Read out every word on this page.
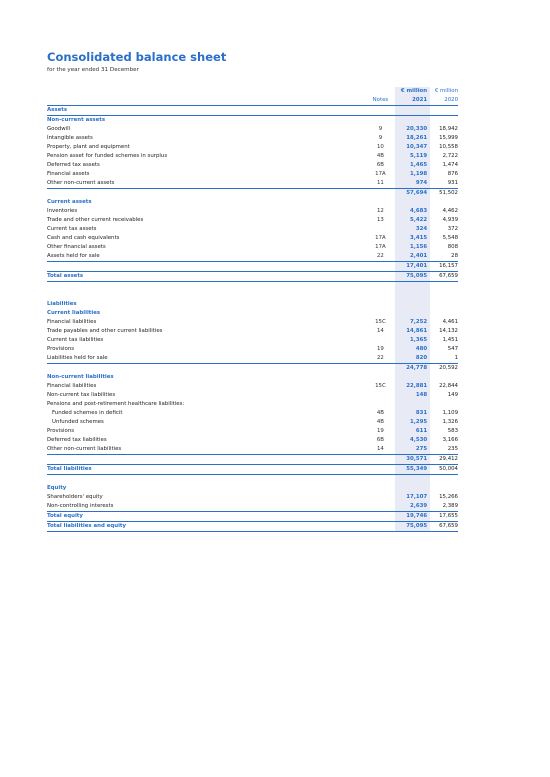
Consolidated balance sheet
for the year ended 31 December
		€ million	€ million
	Notes	2021	2020
Assets			
Non-current assets			
Goodwill	9	20,330	18,942
Intangible assets	9	18,261	15,999
Property, plant and equipment	10	10,347	10,558
Pension asset for funded schemes in surplus	4B	5,119	2,722
Deferred tax assets	6B	1,465	1,474
Financial assets	17A	1,198	876
Other non-current assets	11	974	931
		57,694	51,502
Current assets			
Inventories	12	4,683	4,462
Trade and other current receivables	13	5,422	4,939
Current tax assets		324	372
Cash and cash equivalents	17A	3,415	5,548
Other financial assets	17A	1,156	808
Assets held for sale	22	2,401	28
		17,401	16,157
Total assets		75,095	67,659

Liabilities			
Current liabilities			
Financial liabilities	15C	7,252	4,461
Trade payables and other current liabilities	14	14,861	14,132
Current tax liabilities		1,365	1,451
Provisions	19	480	547
Liabilities held for sale	22	820	1
		24,778	20,592
Non-current liabilities			
Financial liabilities	15C	22,881	22,844
Non-current tax liabilities		148	149
Pensions and post-retirement healthcare liabilities:			
Funded schemes in deficit	4B	831	1,109
Unfunded schemes	4B	1,295	1,326
Provisions	19	611	583
Deferred tax liabilities	6B	4,530	3,166
Other non-current liabilities	14	275	235
		30,571	29,412
Total liabilities		55,349	50,004

Equity			
Shareholders' equity		17,107	15,266
Non-controlling interests		2,639	2,389
Total equity		19,746	17,655
Total liabilities and equity		75,095	67,659
